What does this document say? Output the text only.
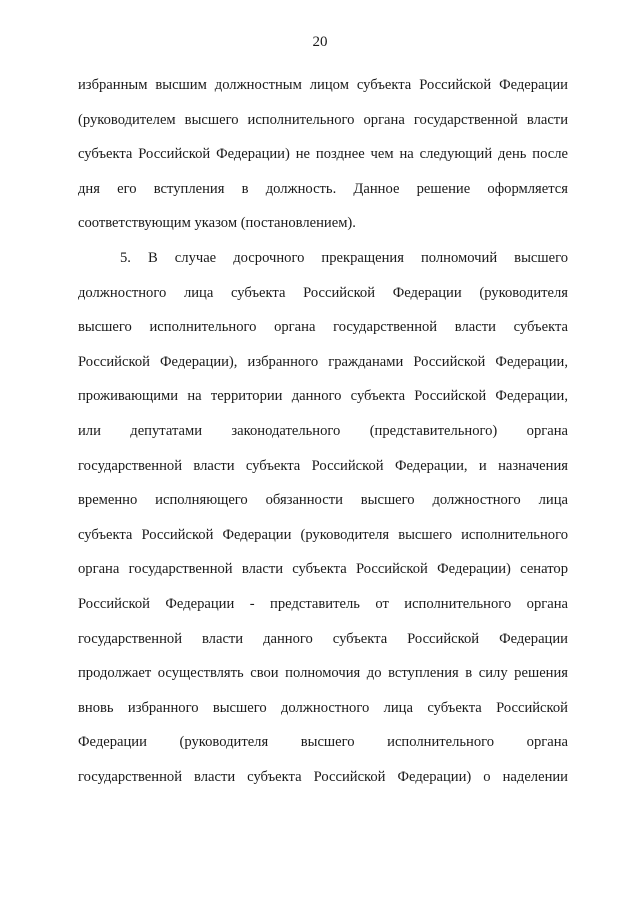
20
избранным высшим должностным лицом субъекта Российской Федерации
(руководителем высшего исполнительного органа государственной власти
субъекта Российской Федерации) не позднее чем на следующий день после
дня его вступления в должность. Данное решение оформляется
соответствующим указом (постановлением).
5. В случае досрочного прекращения полномочий высшего
должностного лица субъекта Российской Федерации (руководителя
высшего исполнительного органа государственной власти субъекта
Российской Федерации), избранного гражданами Российской Федерации,
проживающими на территории данного субъекта Российской Федерации,
или депутатами законодательного (представительного) органа
государственной власти субъекта Российской Федерации, и назначения
временно исполняющего обязанности высшего должностного лица
субъекта Российской Федерации (руководителя высшего исполнительного
органа государственной власти субъекта Российской Федерации) сенатор
Российской Федерации - представитель от исполнительного органа
государственной власти данного субъекта Российской Федерации
продолжает осуществлять свои полномочия до вступления в силу решения
вновь избранного высшего должностного лица субъекта Российской
Федерации (руководителя высшего исполнительного органа
государственной власти субъекта Российской Федерации) о наделении
